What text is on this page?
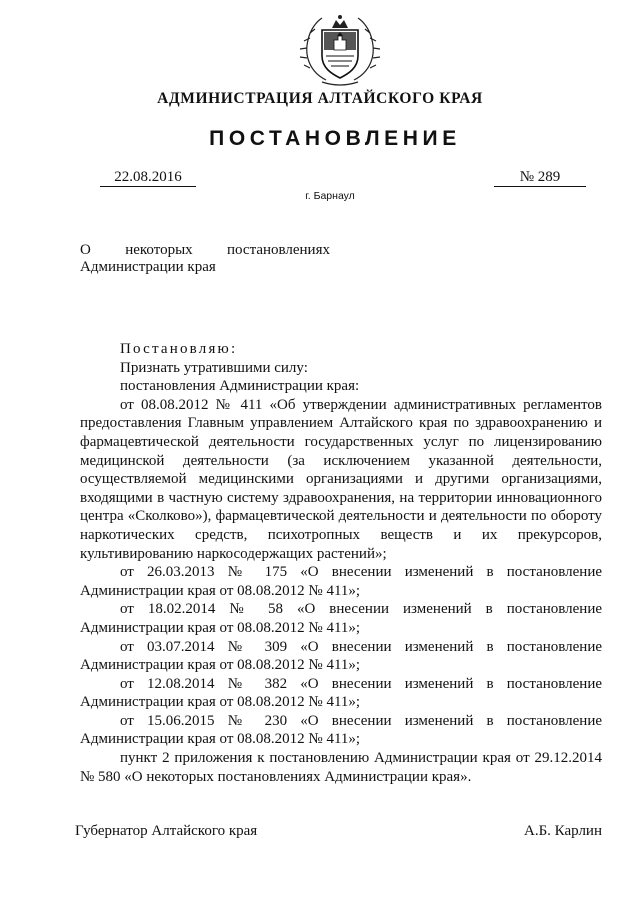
АДМИНИСТРАЦИЯ АЛТАЙСКОГО КРАЯ
ПОСТАНОВЛЕНИЕ
22.08.2016	№ 289
г. Барнаул
О некоторых постановлениях
Администрации края

Постановляю:

Признать утратившими силу:

постановления Администрации края:

от 08.08.2012 № 411 «Об утверждении административных регламентов предоставления Главным управлением Алтайского края по здравоохранению и фармацевтической деятельности государственных услуг по лицензированию медицинской деятельности (за исключением указанной деятельности, осуществляемой медицинскими организациями и другими организациями, входящими в частную систему здравоохранения, на территории инновационного центра «Сколково»), фармацевтической деятельности и деятельности по обороту наркотических средств, психотропных веществ и их прекурсоров, культивированию наркосодержащих растений»;

от 26.03.2013 № 175 «О внесении изменений в постановление Администрации края от 08.08.2012 № 411»;

от 18.02.2014 № 58 «О внесении изменений в постановление Администрации края от 08.08.2012 № 411»;

от 03.07.2014 № 309 «О внесении изменений в постановление Администрации края от 08.08.2012 № 411»;

от 12.08.2014 № 382 «О внесении изменений в постановление Администрации края от 08.08.2012 № 411»;

от 15.06.2015 № 230 «О внесении изменений в постановление Администрации края от 08.08.2012 № 411»;

пункт 2 приложения к постановлению Администрации края от 29.12.2014 № 580 «О некоторых постановлениях Администрации края».

Губернатор Алтайского края	А.Б. Карлин
